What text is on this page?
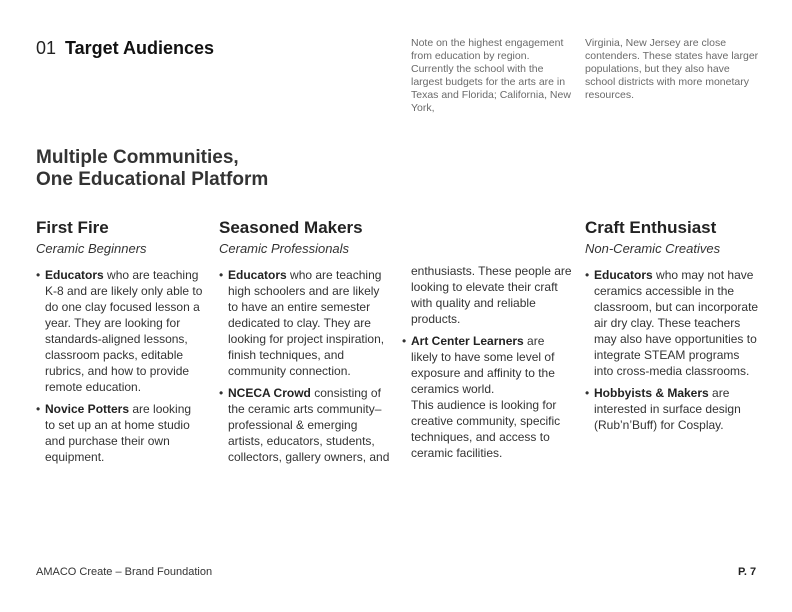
01 Target Audiences	Note on the highest engagement from education by region. Currently the school with the largest budgets for the arts are in Texas and Florida; California, New York,
Virginia, New Jersey are close contenders. These states have larger populations, but they also have school districts with more monetary resources.
Multiple Communities,
One Educational Platform
First Fire
Ceramic Beginners
• Educators who are teaching K-8 and are likely only able to do one clay focused lesson a year. They are looking for standards-aligned lessons, classroom packs, editable rubrics, and how to provide remote education.
• Novice Potters are looking to set up an at home studio and purchase their own equipment.
Seasoned Makers
Ceramic Professionals
• Educators who are teaching high schoolers and are likely to have an entire semester dedicated to clay. They are looking for project inspiration, finish techniques, and community connection.
• NCECA Crowd consisting of the ceramic arts community–professional & emerging artists, educators, students, collectors, gallery owners, and

enthusiasts. These people are looking to elevate their craft with quality and reliable products.

• Art Center Learners are likely to have some level of exposure and affinity to the ceramics world.

This audience is looking for creative community, specific techniques, and access to ceramic facilities.

Craft Enthusiast
Non-Ceramic Creatives
• Educators who may not have ceramics accessible in the classroom, but can incorporate air dry clay. These teachers may also have opportunities to integrate STEAM programs into cross-media classrooms.
• Hobbyists & Makers are interested in surface design (Rub’n’Buff) for Cosplay.
AMACO Create – Brand Foundation	P. 7
